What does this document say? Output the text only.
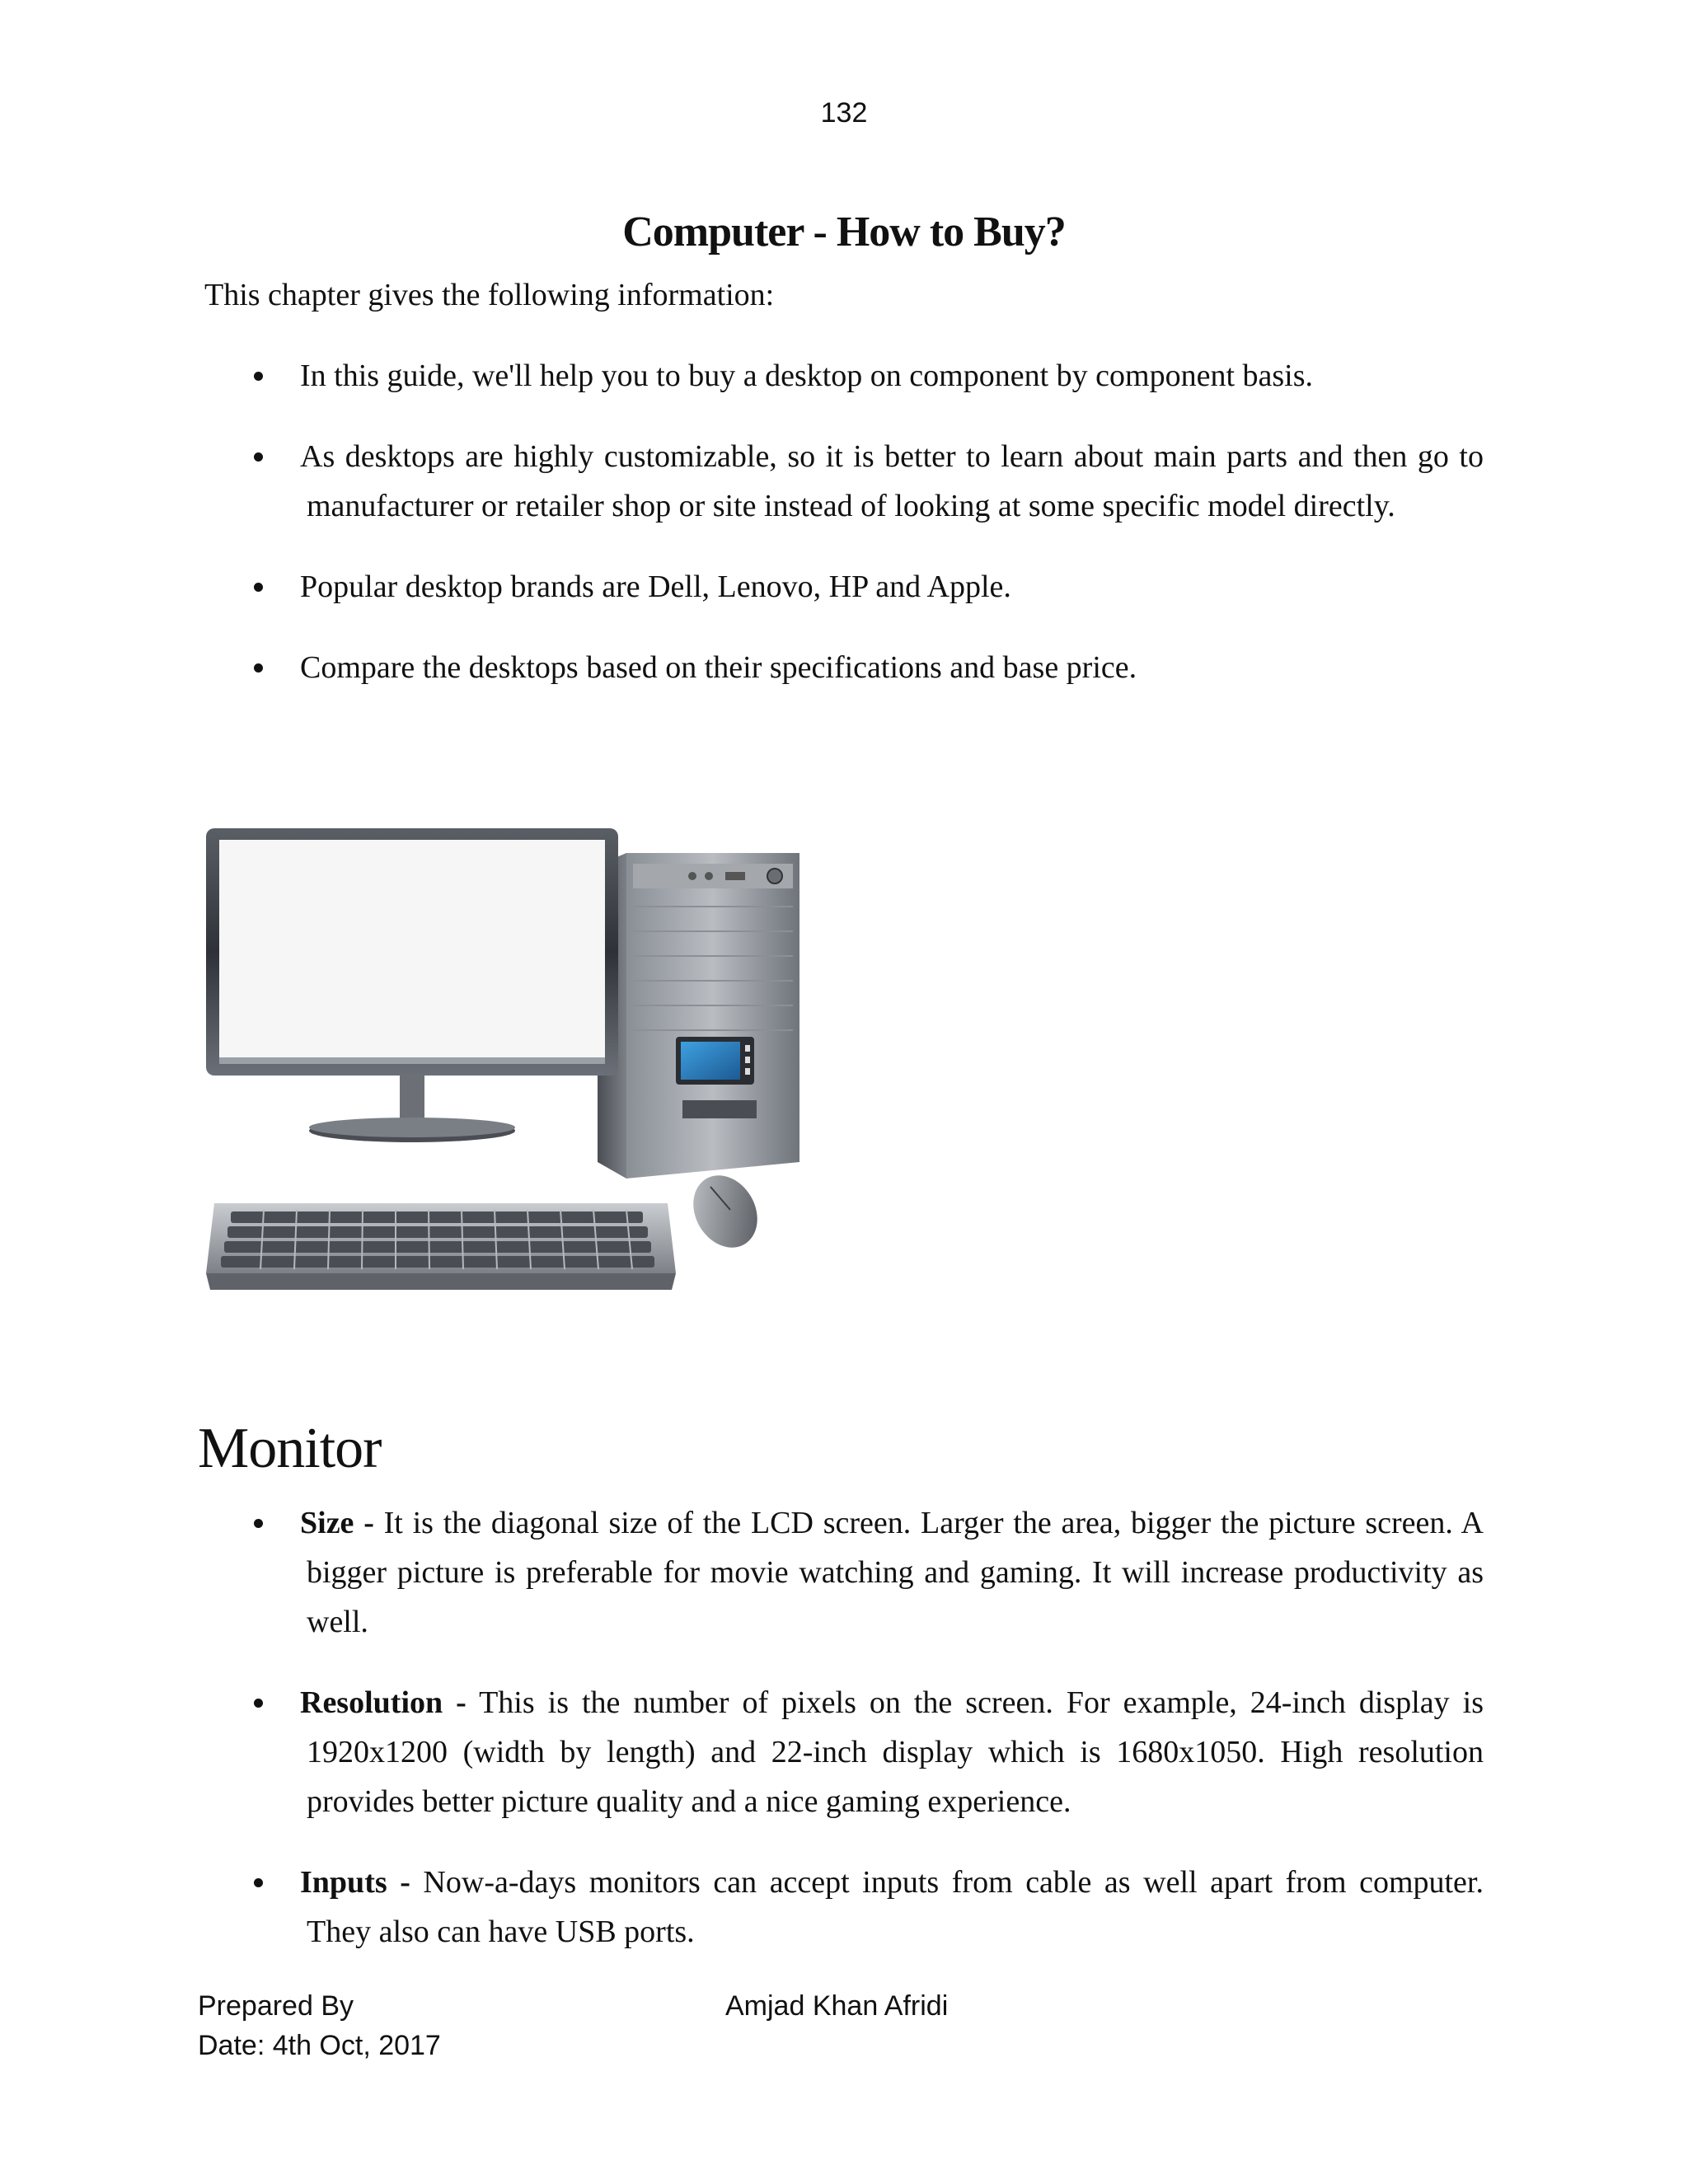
132
Computer - How to Buy?

This chapter gives the following information:

In this guide, we'll help you to buy a desktop on component by component basis.
As desktops are highly customizable, so it is better to learn about main parts and then go to manufacturer or retailer shop or site instead of looking at some specific model directly.
Popular desktop brands are Dell, Lenovo, HP and Apple.
Compare the desktops based on their specifications and base price.
Monitor
Size - It is the diagonal size of the LCD screen. Larger the area, bigger the picture screen. A bigger picture is preferable for movie watching and gaming. It will increase productivity as well.
Resolution - This is the number of pixels on the screen. For example, 24-inch display is 1920x1200 (width by length) and 22-inch display which is 1680x1050. High resolution provides better picture quality and a nice gaming experience.
Inputs - Now-a-days monitors can accept inputs from cable as well apart from computer. They also can have USB ports.
Prepared By
Date: 4th Oct, 2017
Amjad Khan Afridi
